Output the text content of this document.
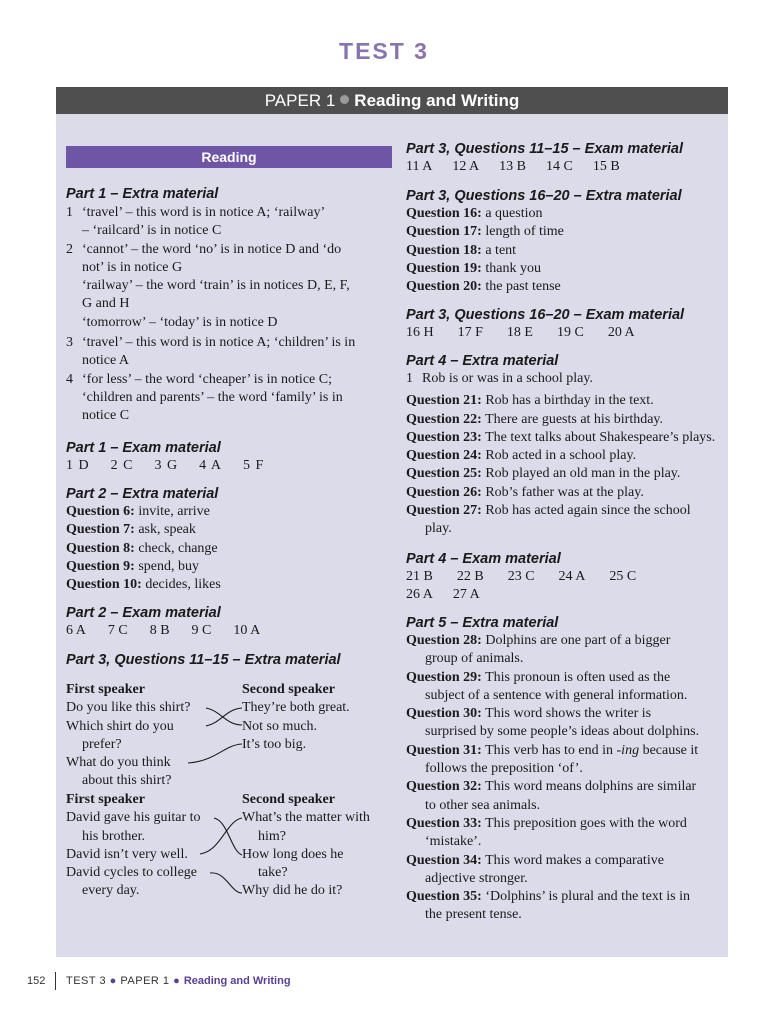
TEST 3
PAPER 1 Reading and Writing
Reading
Part 1 – Extra material
1 ‘travel’ – this word is in notice A; ‘railway’
– ‘railcard’ is in notice C
2 ‘cannot’ – the word ‘no’ is in notice D and ‘do
not’ is in notice G
‘railway’ – the word ‘train’ is in notices D, E, F,
G and H
‘tomorrow’ – ‘today’ is in notice D
3 ‘travel’ – this word is in notice A; ‘children’ is in
notice A
4 ‘for less’ – the word ‘cheaper’ is in notice C;
‘children and parents’ – the word ‘family’ is in
notice C
Part 1 – Exam material
1 D 2 C 3 G 4 A 5 F
Part 2 – Extra material
Question 6: invite, arrive
Question 7: ask, speak
Question 8: check, change
Question 9: spend, buy
Question 10: decides, likes
Part 2 – Exam material
6 A 7 C 8 B 9 C 10 A
Part 3, Questions 11–15 – Extra material
First speaker
Do you like this shirt?
Which shirt do you
prefer?
What do you think
about this shirt?
Second speaker
They’re both great.
Not so much.
It’s too big.
First speaker
David gave his guitar to
his brother.
David isn’t very well.
David cycles to college
every day.
Second speaker
What’s the matter with
him?
How long does he
take?
Why did he do it?
Part 3, Questions 11–15 – Exam material
11 A 12 A 13 B 14 C 15 B
Part 3, Questions 16–20 – Extra material
Question 16: a question
Question 17: length of time
Question 18: a tent
Question 19: thank you
Question 20: the past tense
Part 3, Questions 16–20 – Exam material
16 H 17 F 18 E 19 C 20 A
Part 4 – Extra material
1 Rob is or was in a school play.
Question 21: Rob has a birthday in the text.
Question 22: There are guests at his birthday.
Question 23: The text talks about Shakespeare’s plays.
Question 24: Rob acted in a school play.
Question 25: Rob played an old man in the play.
Question 26: Rob’s father was at the play.
Question 27: Rob has acted again since the school
play.
Part 4 – Exam material
21 B 22 B 23 C 24 A 25 C
26 A 27 A
Part 5 – Extra material
Question 28: Dolphins are one part of a bigger
group of animals.
Question 29: This pronoun is often used as the
subject of a sentence with general information.
Question 30: This word shows the writer is
surprised by some people’s ideas about dolphins.
Question 31: This verb has to end in -ing because it
follows the preposition ‘of’.
Question 32: This word means dolphins are similar
to other sea animals.
Question 33: This preposition goes with the word
‘mistake’.
Question 34: This word makes a comparative
adjective stronger.
Question 35: ‘Dolphins’ is plural and the text is in
the present tense.
152 TEST 3 ● PAPER 1 ● Reading and Writing
